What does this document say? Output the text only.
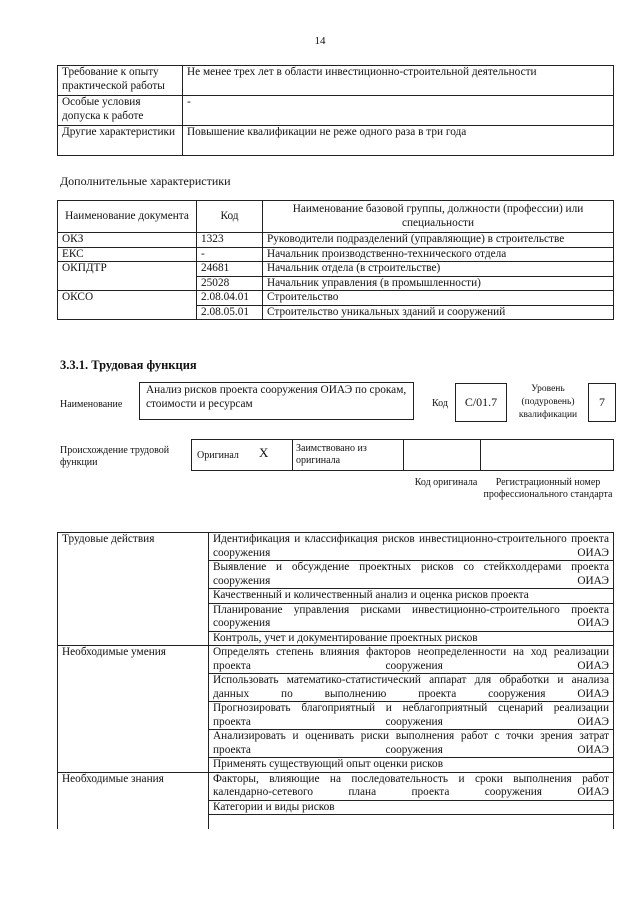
14
Требование к опыту практической работы	Не менее трех лет в области инвестиционно-строительной деятельности
Особые условия допуска к работе	-
Другие характеристики	Повышение квалификации не реже одного раза в три года
Дополнительные характеристики
Наименование документа	Код	Наименование базовой группы, должности (профессии) или специальности
ОКЗ	1323	Руководители подразделений (управляющие) в строительстве
ЕКС	-	Начальник производственно-технического отдела
ОКПДТР	24681	Начальник отдела (в строительстве)
	25028	Начальник управления (в промышленности)
ОКСО	2.08.04.01	Строительство
	2.08.05.01	Строительство уникальных зданий и сооружений
3.3.1. Трудовая функция
Наименование
Анализ рисков проекта сооружения ОИАЭ по срокам, стоимости и ресурсам	Код	C/01.7
Уровень (подуровень) квалификации
7
Происхождение трудовой функции
Оригинал X	Заимствовано из оригинала
Код оригинала	Регистрационный номер профессионального стандарта
Трудовые действия	Идентификация и классификация рисков инвестиционно-строительного проекта сооружения ОИАЭ
	Выявление и обсуждение проектных рисков со стейкхолдерами проекта сооружения ОИАЭ
	Качественный и количественный анализ и оценка рисков проекта
	Планирование управления рисками инвестиционно-строительного проекта сооружения ОИАЭ
	Контроль, учет и документирование проектных рисков
Необходимые умения	Определять степень влияния факторов неопределенности на ход реализации проекта сооружения ОИАЭ
	Использовать математико-статистический аппарат для обработки и анализа данных по выполнению проекта сооружения ОИАЭ
	Прогнозировать благоприятный и неблагоприятный сценарий реализации проекта сооружения ОИАЭ
	Анализировать и оценивать риски выполнения работ с точки зрения затрат проекта сооружения ОИАЭ
	Применять существующий опыт оценки рисков
Необходимые знания	Факторы, влияющие на последовательность и сроки выполнения работ календарно-сетевого плана проекта сооружения ОИАЭ
	Категории и виды рисков
